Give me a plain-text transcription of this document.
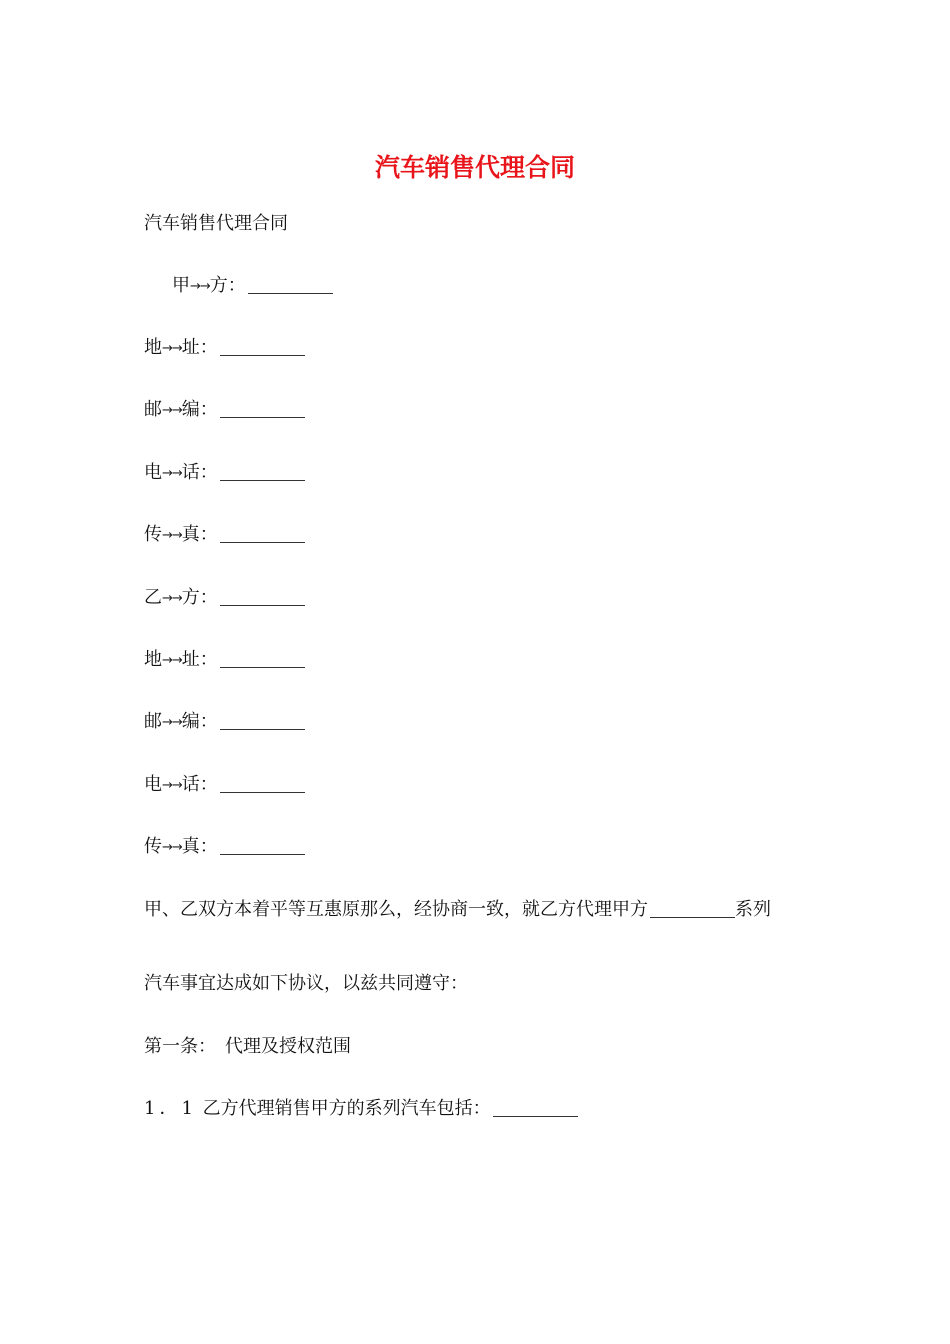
汽车销售代理合同
汽车销售代理合同
甲→→方：
地→→址：
邮→→编：
电→→话：
传→→真：
乙→→方：
地→→址：
邮→→编：
电→→话：
传→→真：
甲、乙双方本着平等互惠原那么，经协商一致，就乙方代理甲方	系列
汽车事宜达成如下协议，以兹共同遵守：
第一条：　代理及授权范围
1．1 乙方代理销售甲方的系列汽车包括：
